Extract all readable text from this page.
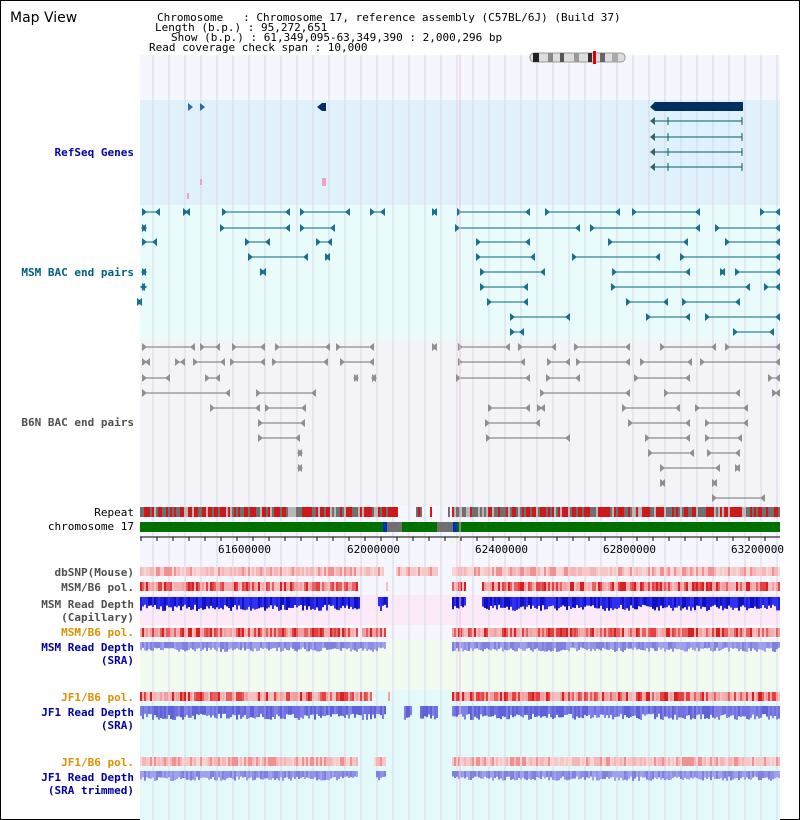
Map View	Chromosome   : Chromosome 17, reference assembly (C57BL/6J) (Build 37)
Length (b.p.) : 95,272,651
Show (b.p.) : 61,349,095-63,349,390 : 2,000,296 bp
Read coverage check span : 10,000
RefSeq Genes
MSM BAC end pairs
B6N BAC end pairs
Repeat
chromosome 17
dbSNP(Mouse)
MSM/B6 pol.
MSM Read Depth
(Capillary)
MSM/B6 pol.
MSM Read Depth
(SRA)
JF1/B6 pol.
JF1 Read Depth
(SRA)
JF1/B6 pol.
JF1 Read Depth
(SRA trimmed)
61600000	62000000	62400000	62800000	63200000
